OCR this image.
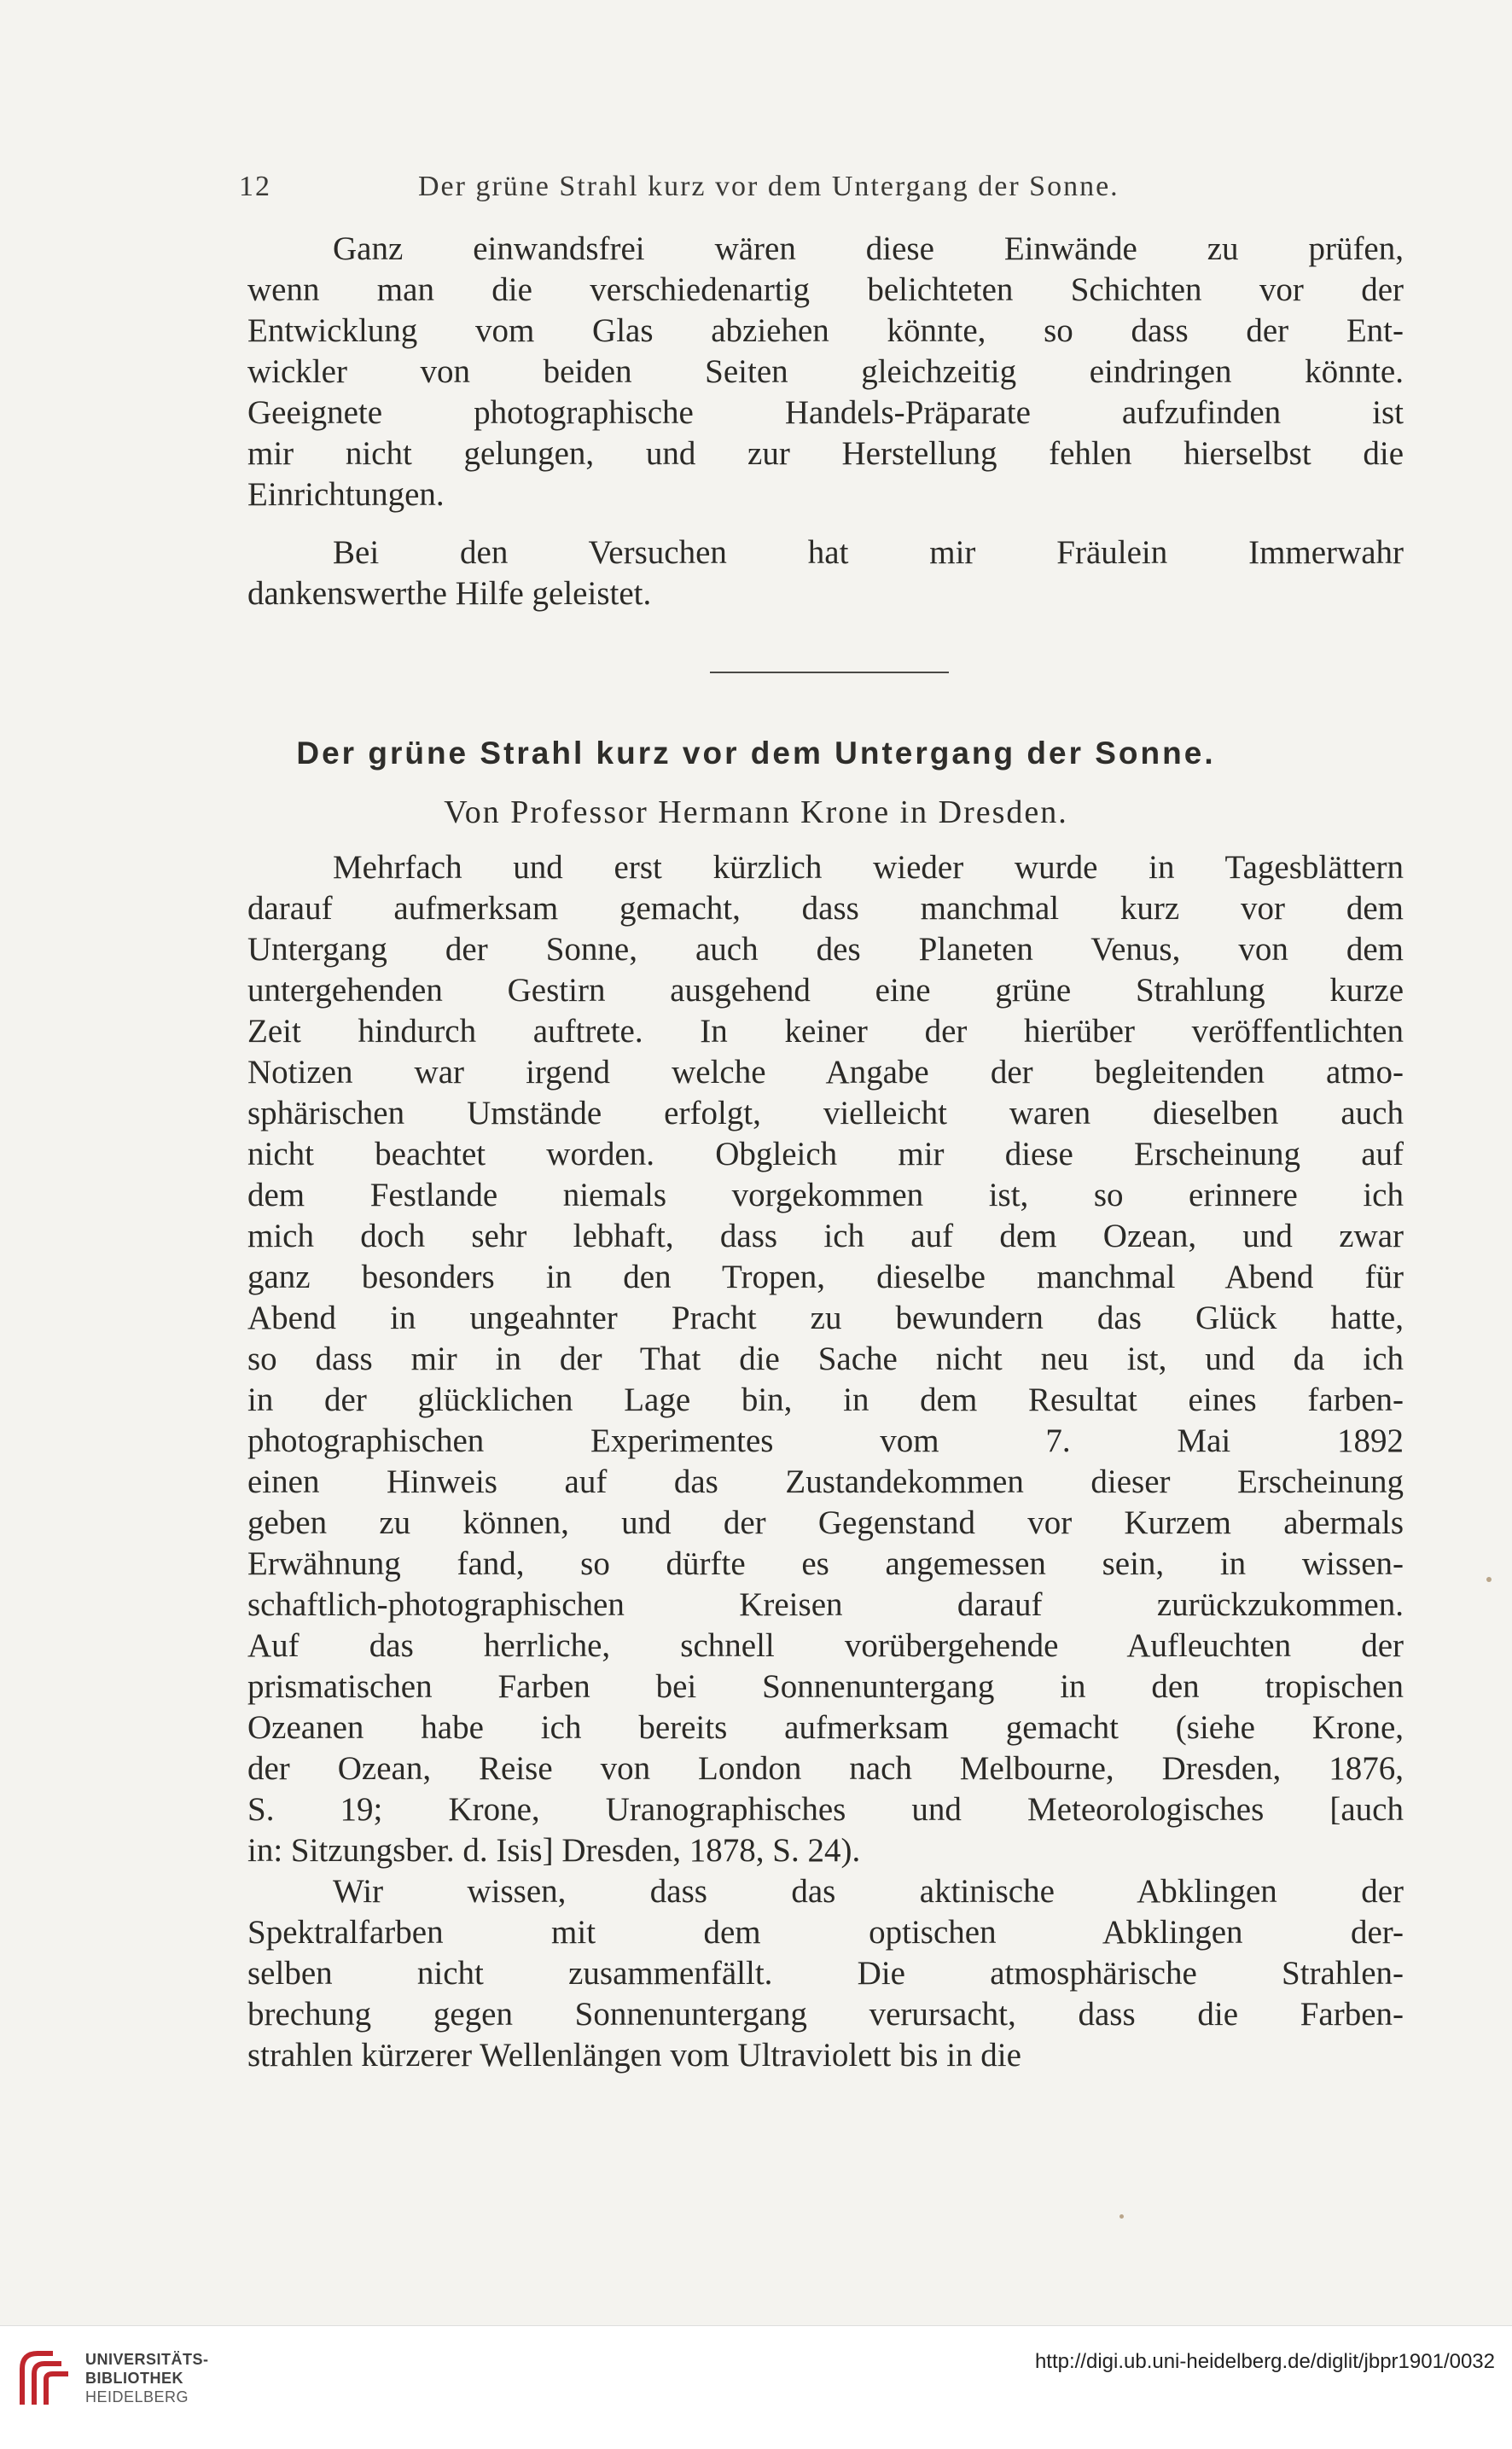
12	Der grüne Strahl kurz vor dem Untergang der Sonne.
Ganz einwandsfrei wären diese Einwände zu prüfen,
wenn man die verschiedenartig belichteten Schichten vor der
Entwicklung vom Glas abziehen könnte, so dass der Ent-
wickler von beiden Seiten gleichzeitig eindringen könnte.
Geeignete photographische Handels-Präparate aufzufinden ist
mir nicht gelungen, und zur Herstellung fehlen hierselbst die
Einrichtungen.
Bei den Versuchen hat mir Fräulein Immerwahr
dankenswerthe Hilfe geleistet.
Der grüne Strahl kurz vor dem Untergang der Sonne.
Von Professor Hermann Krone in Dresden.
Mehrfach und erst kürzlich wieder wurde in Tagesblättern
darauf aufmerksam gemacht, dass manchmal kurz vor dem
Untergang der Sonne, auch des Planeten Venus, von dem
untergehenden Gestirn ausgehend eine grüne Strahlung kurze
Zeit hindurch auftrete. In keiner der hierüber veröffentlichten
Notizen war irgend welche Angabe der begleitenden atmo-
sphärischen Umstände erfolgt, vielleicht waren dieselben auch
nicht beachtet worden. Obgleich mir diese Erscheinung auf
dem Festlande niemals vorgekommen ist, so erinnere ich
mich doch sehr lebhaft, dass ich auf dem Ozean, und zwar
ganz besonders in den Tropen, dieselbe manchmal Abend für
Abend in ungeahnter Pracht zu bewundern das Glück hatte,
so dass mir in der That die Sache nicht neu ist, und da ich
in der glücklichen Lage bin, in dem Resultat eines farben-
photographischen Experimentes vom 7. Mai 1892
einen Hinweis auf das Zustandekommen dieser Erscheinung
geben zu können, und der Gegenstand vor Kurzem abermals
Erwähnung fand, so dürfte es angemessen sein, in wissen-
schaftlich-photographischen Kreisen darauf zurückzukommen.
Auf das herrliche, schnell vorübergehende Aufleuchten der
prismatischen Farben bei Sonnenuntergang in den tropischen
Ozeanen habe ich bereits aufmerksam gemacht (siehe Krone,
der Ozean, Reise von London nach Melbourne, Dresden, 1876,
S. 19; Krone, Uranographisches und Meteorologisches [auch
in: Sitzungsber. d. Isis] Dresden, 1878, S. 24).
Wir wissen, dass das aktinische Abklingen der
Spektralfarben mit dem optischen Abklingen der-
selben nicht zusammenfällt. Die atmosphärische Strahlen-
brechung gegen Sonnenuntergang verursacht, dass die Farben-
strahlen kürzerer Wellenlängen vom Ultraviolett bis in die
UNIVERSITÄTS-
BIBLIOTHEK
HEIDELBERG
http://digi.ub.uni-heidelberg.de/diglit/jbpr1901/0032
